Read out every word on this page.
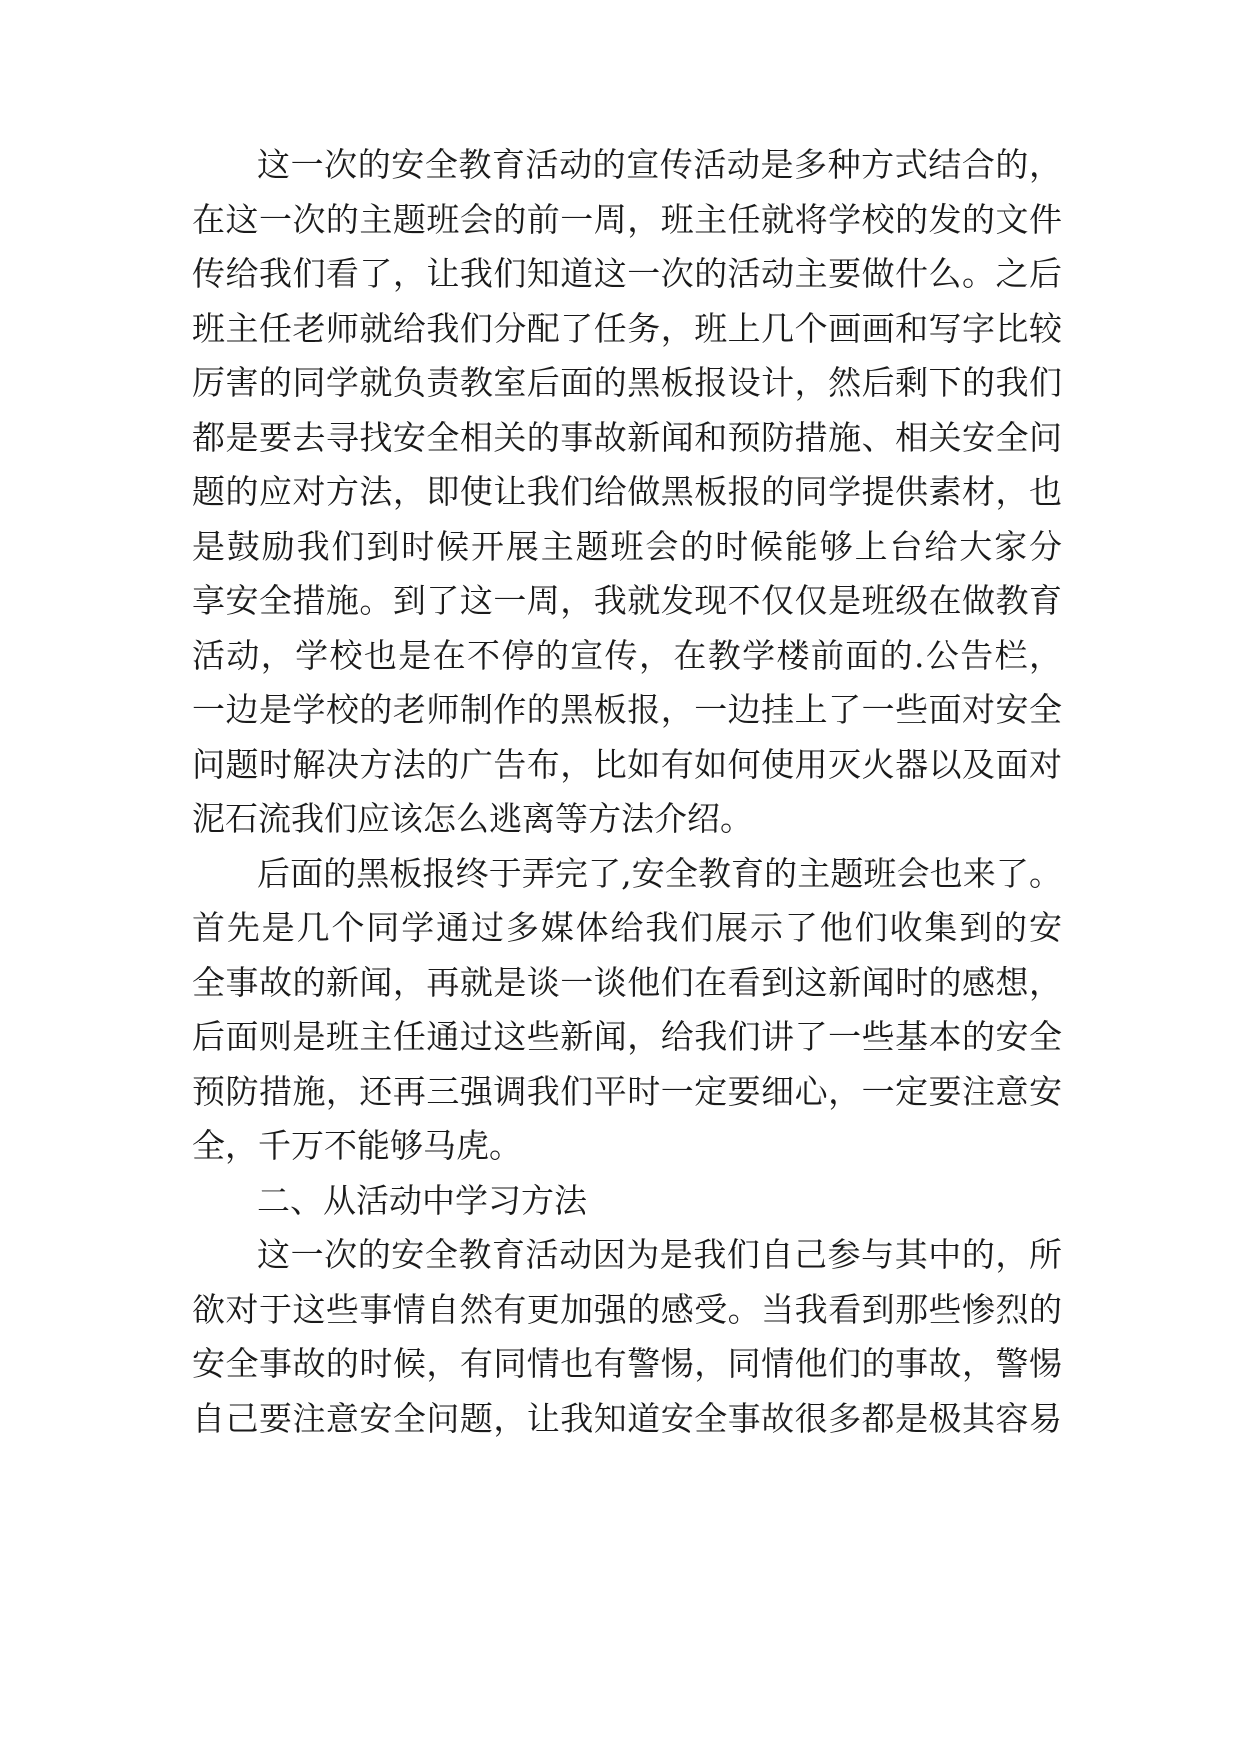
这一次的安全教育活动的宣传活动是多种方式结合的，
在这一次的主题班会的前一周，班主任就将学校的发的文件
传给我们看了，让我们知道这一次的活动主要做什么。之后
班主任老师就给我们分配了任务，班上几个画画和写字比较
厉害的同学就负责教室后面的黑板报设计，然后剩下的我们
都是要去寻找安全相关的事故新闻和预防措施、相关安全问
题的应对方法，即使让我们给做黑板报的同学提供素材，也
是鼓励我们到时候开展主题班会的时候能够上台给大家分
享安全措施。到了这一周，我就发现不仅仅是班级在做教育
活动，学校也是在不停的宣传，在教学楼前面的.公告栏，
一边是学校的老师制作的黑板报，一边挂上了一些面对安全
问题时解决方法的广告布，比如有如何使用灭火器以及面对
泥石流我们应该怎么逃离等方法介绍。
后面的黑板报终于弄完了,安全教育的主题班会也来了。
首先是几个同学通过多媒体给我们展示了他们收集到的安
全事故的新闻，再就是谈一谈他们在看到这新闻时的感想，
后面则是班主任通过这些新闻，给我们讲了一些基本的安全
预防措施，还再三强调我们平时一定要细心，一定要注意安
全，千万不能够马虎。
二、从活动中学习方法
这一次的安全教育活动因为是我们自己参与其中的，所
欲对于这些事情自然有更加强的感受。当我看到那些惨烈的
安全事故的时候，有同情也有警惕，同情他们的事故，警惕
自己要注意安全问题，让我知道安全事故很多都是极其容易
